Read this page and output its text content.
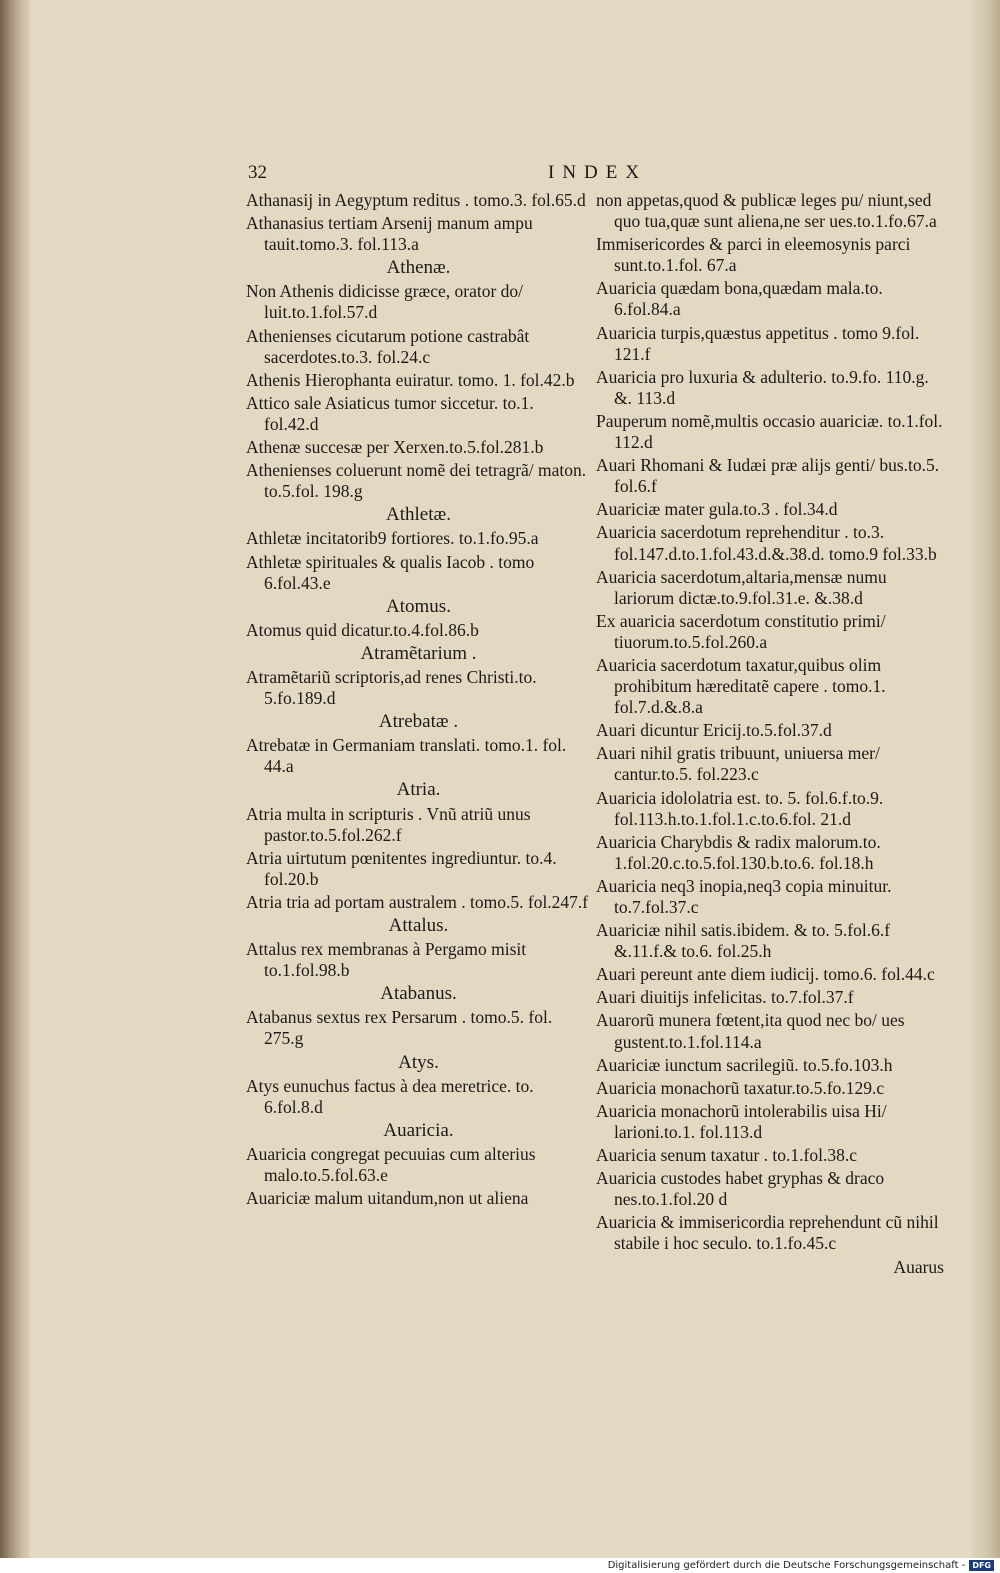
32	INDEX
Athanasij in Aegyptum reditus . tomo.3. fol.65.d
Athanasius tertiam Arsenij manum ampu tauit.tomo.3. fol.113.a
Athenæ.
Non Athenis didicisse græce, orator do/ luit.to.1.fol.57.d
Athenienses cicutarum potione castrabât sacerdotes.to.3. fol.24.c
Athenis Hierophanta euiratur. tomo. 1. fol.42.b
Attico sale Asiaticus tumor siccetur. to.1. fol.42.d
Athenæ succesæ per Xerxen.to.5.fol.281.b
Athenienses coluerunt nomẽ dei tetragrã/ maton. to.5.fol. 198.g
Athletæ.
Athletæ incitatorib9 fortiores. to.1.fo.95.a
Athletæ spirituales & qualis Iacob . tomo 6.fol.43.e
Atomus.
Atomus quid dicatur.to.4.fol.86.b
Atramẽtarium .
Atramẽtariũ scriptoris,ad renes Christi.to. 5.fo.189.d
Atrebatæ .
Atrebatæ in Germaniam translati. tomo.1. fol. 44.a
Atria.
Atria multa in scripturis . Vnũ atriũ unus pastor.to.5.fol.262.f
Atria uirtutum pœnitentes ingrediuntur. to.4. fol.20.b
Atria tria ad portam australem . tomo.5. fol.247.f
Attalus.
Attalus rex membranas à Pergamo misit to.1.fol.98.b
Atabanus.
Atabanus sextus rex Persarum . tomo.5. fol. 275.g
Atys.
Atys eunuchus factus à dea meretrice. to. 6.fol.8.d
Auaricia.
Auaricia congregat pecuuias cum alterius malo.to.5.fol.63.e
Auariciæ malum uitandum,non ut aliena
non appetas,quod & publicæ leges pu/ niunt,sed quo tua,quæ sunt aliena,ne ser ues.to.1.fo.67.a
Immisericordes & parci in eleemosynis parci sunt.to.1.fol. 67.a
Auaricia quædam bona,quædam mala.to. 6.fol.84.a
Auaricia turpis,quæstus appetitus . tomo 9.fol. 121.f
Auaricia pro luxuria & adulterio. to.9.fo. 110.g. &. 113.d
Pauperum nomẽ,multis occasio auariciæ. to.1.fol. 112.d
Auari Rhomani & Iudæi præ alijs genti/ bus.to.5. fol.6.f
Auariciæ mater gula.to.3 . fol.34.d
Auaricia sacerdotum reprehenditur . to.3. fol.147.d.to.1.fol.43.d.&.38.d. tomo.9 fol.33.b
Auaricia sacerdotum,altaria,mensæ numu lariorum dictæ.to.9.fol.31.e. &.38.d
Ex auaricia sacerdotum constitutio primi/ tiuorum.to.5.fol.260.a
Auaricia sacerdotum taxatur,quibus olim prohibitum hæreditatẽ capere . tomo.1. fol.7.d.&.8.a
Auari dicuntur Ericij.to.5.fol.37.d
Auari nihil gratis tribuunt, uniuersa mer/ cantur.to.5. fol.223.c
Auaricia idololatria est. to. 5. fol.6.f.to.9. fol.113.h.to.1.fol.1.c.to.6.fol. 21.d
Auaricia Charybdis & radix malorum.to. 1.fol.20.c.to.5.fol.130.b.to.6. fol.18.h
Auaricia neq3 inopia,neq3 copia minuitur. to.7.fol.37.c
Auariciæ nihil satis.ibidem. & to. 5.fol.6.f &.11.f.& to.6. fol.25.h
Auari pereunt ante diem iudicij. tomo.6. fol.44.c
Auari diuitijs infelicitas. to.7.fol.37.f
Auarorũ munera fœtent,ita quod nec bo/ ues gustent.to.1.fol.114.a
Auariciæ iunctum sacrilegiũ. to.5.fo.103.h
Auaricia monachorũ taxatur.to.5.fo.129.c
Auaricia monachorũ intolerabilis uisa Hi/ larioni.to.1. fol.113.d
Auaricia senum taxatur . to.1.fol.38.c
Auaricia custodes habet gryphas & draco nes.to.1.fol.20 d
Auaricia & immisericordia reprehendunt cũ nihil stabile i hoc seculo. to.1.fo.45.c
Auarus
Digitalisierung gefördert durch die Deutsche Forschungsgemeinschaft - DFG
